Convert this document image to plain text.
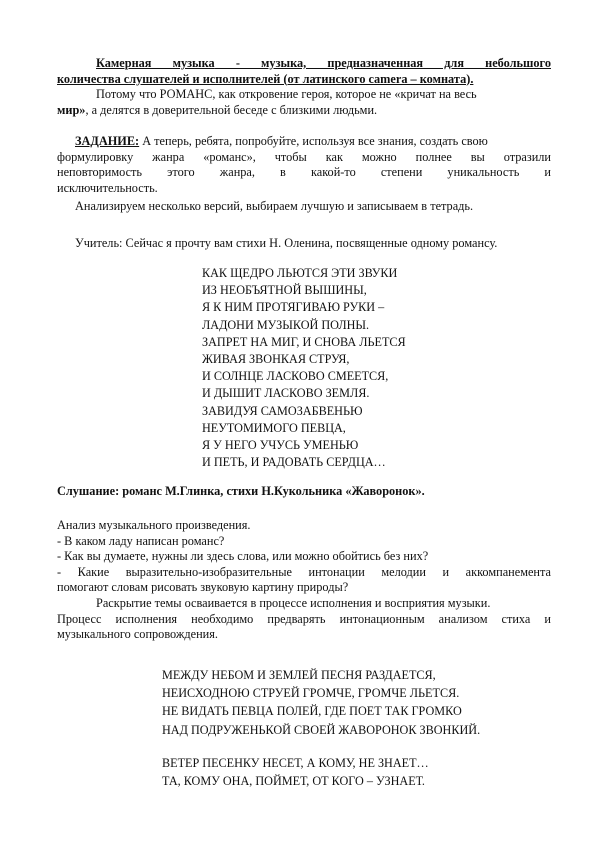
Камерная музыка - музыка, предназначенная для небольшого

количества слушателей и исполнителей (от латинского camera – комната).

Потому что РОМАНС, как откровение героя, которое не «кричат на весь

мир», а делятся в доверительной беседе с близкими людьми.

ЗАДАНИЕ: А теперь, ребята, попробуйте, используя все знания, создать свою

формулировку жанра «романс», чтобы как можно полнее вы отразили

неповторимость этого жанра, в какой-то степени уникальность и

исключительность.

Анализируем несколько версий, выбираем лучшую и записываем в тетрадь.

Учитель: Сейчас я прочту вам стихи Н. Оленина, посвященные одному романсу.

КАК ЩЕДРО ЛЬЮТСЯ ЭТИ ЗВУКИ
ИЗ НЕОБЪЯТНОЙ ВЫШИНЫ,
Я К НИМ ПРОТЯГИВАЮ РУКИ –
ЛАДОНИ МУЗЫКОЙ ПОЛНЫ.
ЗАПРЕТ НА МИГ, И СНОВА ЛЬЕТСЯ
ЖИВАЯ ЗВОНКАЯ СТРУЯ,
И СОЛНЦЕ ЛАСКОВО СМЕЕТСЯ,
И ДЫШИТ ЛАСКОВО ЗЕМЛЯ.
ЗАВИДУЯ САМОЗАБВЕНЬЮ
НЕУТОМИМОГО ПЕВЦА,
Я У НЕГО УЧУСЬ УМЕНЬЮ
И ПЕТЬ, И РАДОВАТЬ СЕРДЦА…

Слушание: романс М.Глинка, стихи Н.Кукольника «Жаворонок».

Анализ музыкального произведения.

- В каком ладу написан романс?

- Как вы думаете, нужны ли здесь слова, или можно обойтись без них?

- Какие выразительно-изобразительные интонации мелодии и аккомпанемента

помогают словам рисовать звуковую картину природы?

Раскрытие темы осваивается в процессе исполнения и восприятия музыки.

Процесс исполнения необходимо предварять интонационным анализом стиха и

музыкального сопровождения.

МЕЖДУ НЕБОМ И ЗЕМЛЕЙ ПЕСНЯ РАЗДАЕТСЯ,
НЕИСХОДНОЮ СТРУЕЙ ГРОМЧЕ, ГРОМЧЕ ЛЬЕТСЯ.
НЕ ВИДАТЬ ПЕВЦА ПОЛЕЙ, ГДЕ ПОЕТ ТАК ГРОМКО
НАД ПОДРУЖЕНЬКОЙ СВОЕЙ ЖАВОРОНОК ЗВОНКИЙ.
ВЕТЕР ПЕСЕНКУ НЕСЕТ, А КОМУ, НЕ ЗНАЕТ…
ТА, КОМУ ОНА, ПОЙМЕТ, ОТ КОГО – УЗНАЕТ.
